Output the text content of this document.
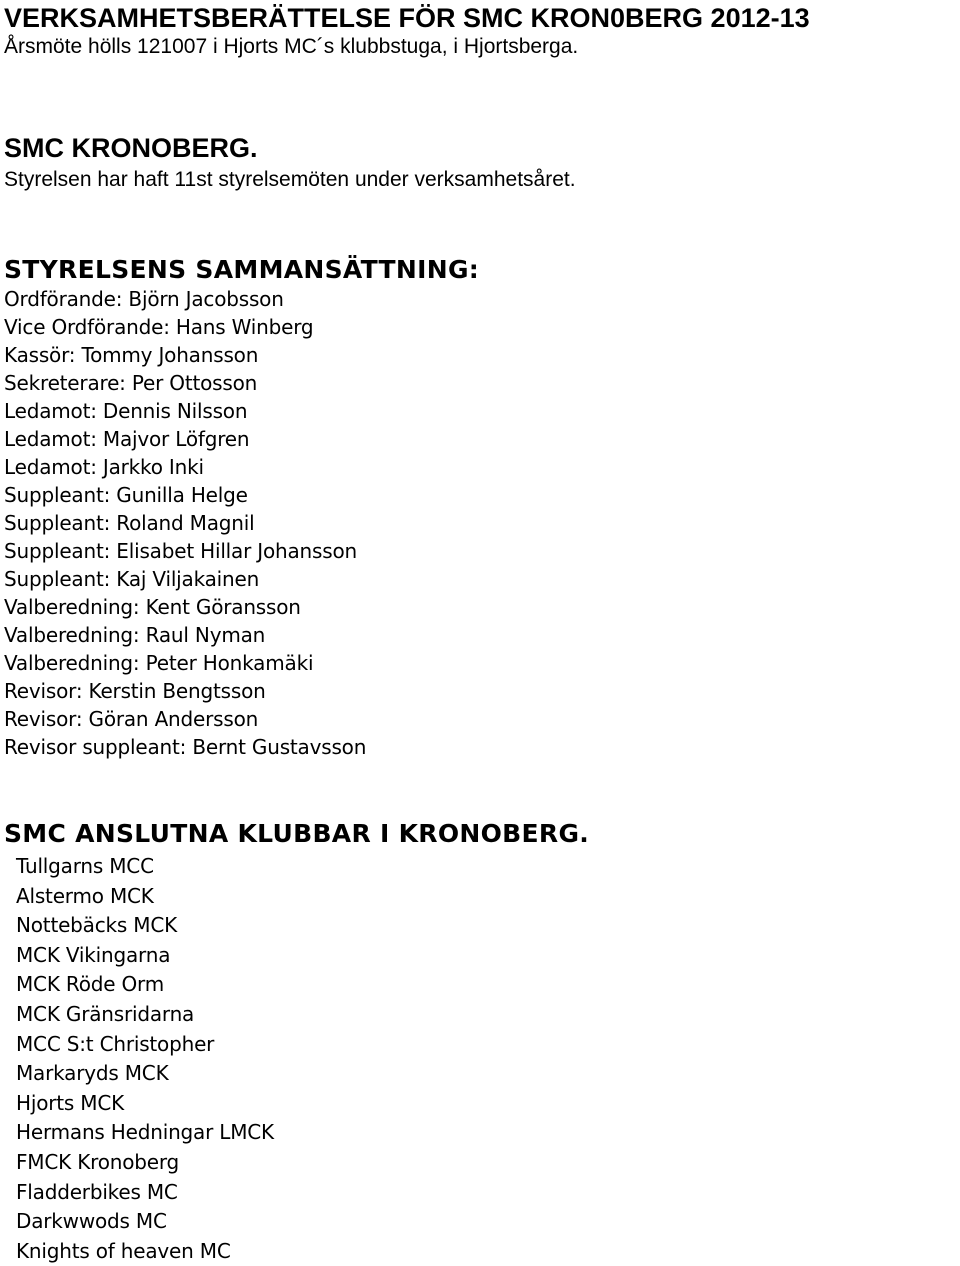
VERKSAMHETSBERÄTTELSE FÖR SMC KRON0BERG 2012-13

Årsmöte hölls 121007 i Hjorts MC´s klubbstuga, i Hjortsberga.

SMC KRONOBERG.

Styrelsen har haft 11st styrelsemöten under verksamhetsåret.

STYRELSENS SAMMANSÄTTNING:
Ordförande: Björn Jacobsson
Vice Ordförande: Hans Winberg
Kassör: Tommy Johansson
Sekreterare: Per Ottosson
Ledamot: Dennis Nilsson
Ledamot: Majvor Löfgren
Ledamot: Jarkko Inki
Suppleant: Gunilla Helge
Suppleant: Roland Magnil
Suppleant: Elisabet Hillar Johansson
Suppleant: Kaj Viljakainen
Valberedning: Kent Göransson
Valberedning: Raul Nyman
Valberedning: Peter Honkamäki
Revisor: Kerstin Bengtsson
Revisor: Göran Andersson
Revisor suppleant: Bernt Gustavsson
SMC ANSLUTNA KLUBBAR I KRONOBERG.
Tullgarns MCC
Alstermo MCK
Nottebäcks MCK
MCK Vikingarna
MCK Röde Orm
MCK Gränsridarna
MCC S:t Christopher
Markaryds MCK
Hjorts MCK
Hermans Hedningar LMCK
FMCK Kronoberg
Fladderbikes MC
Darkwwods MC
Knights of heaven MC
